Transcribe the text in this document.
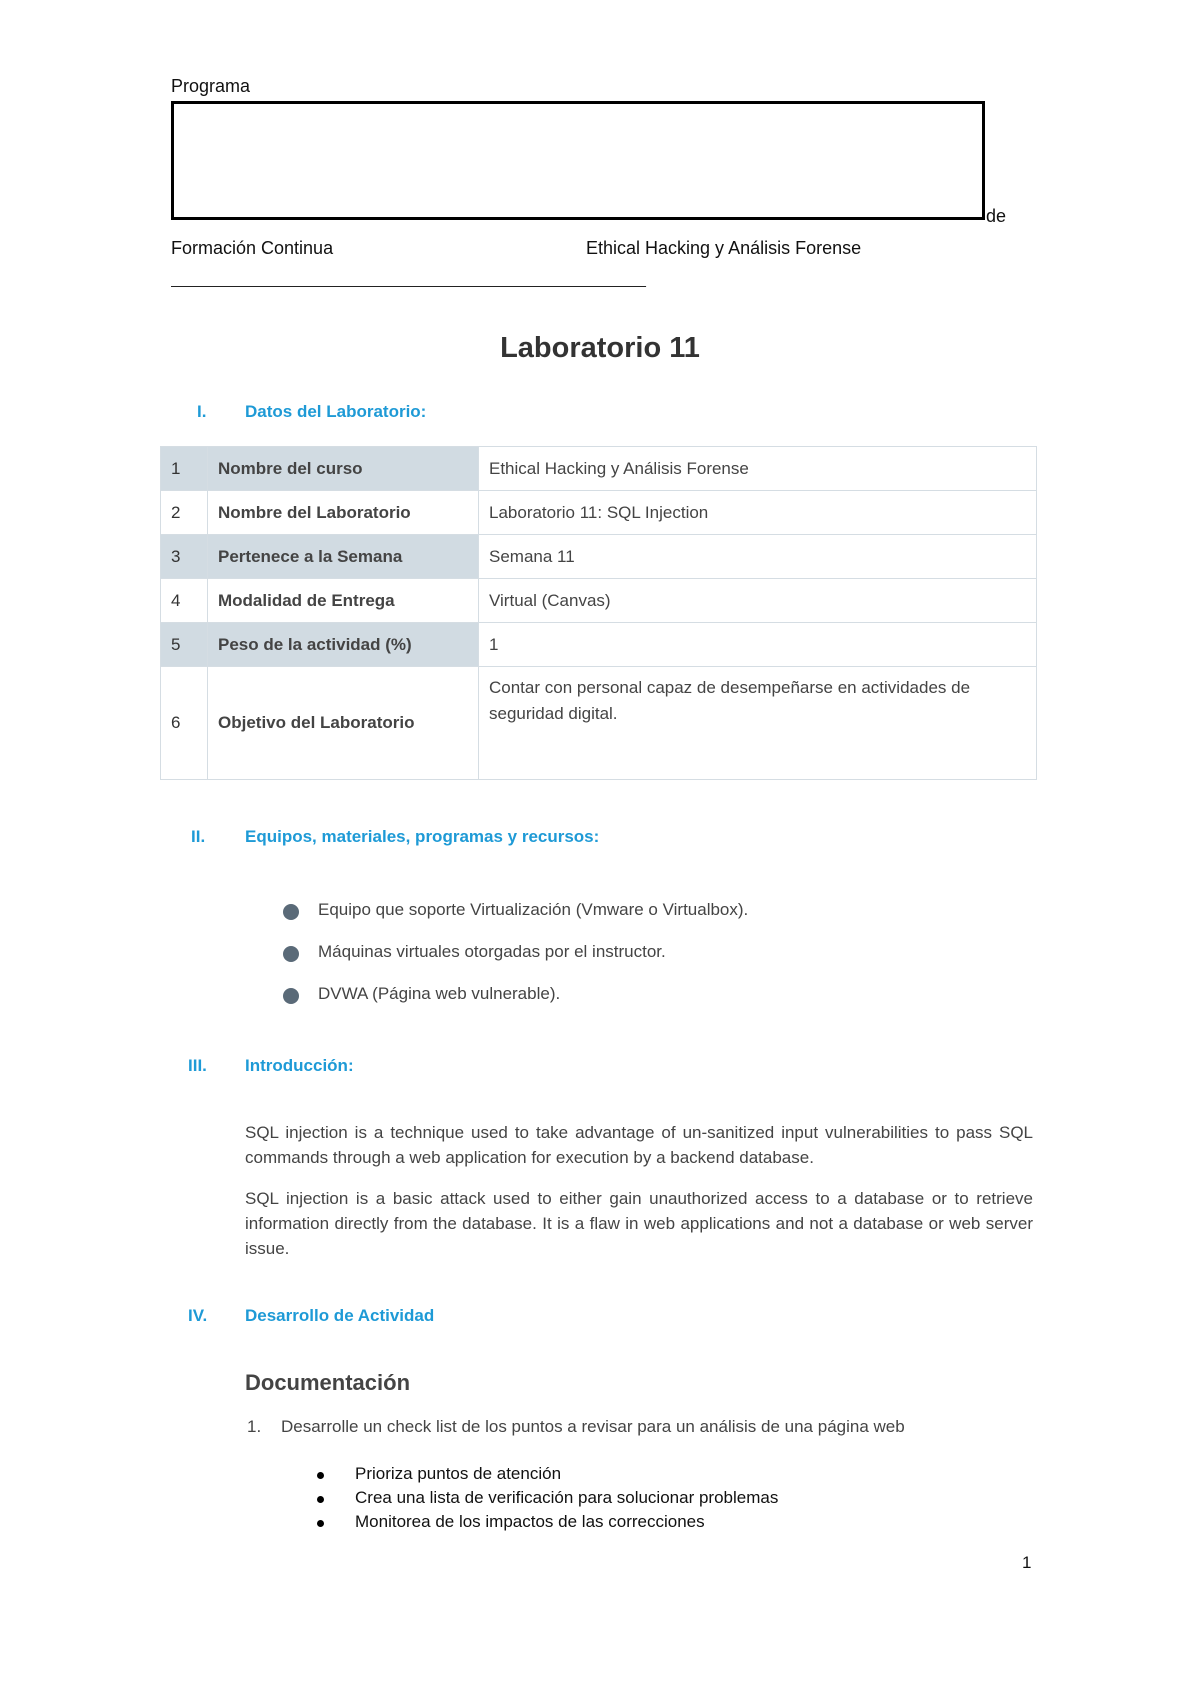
Programa
de
Formación Continua	Ethical Hacking y Análisis Forense
____________________________________________________________
Laboratorio 11
I. Datos del Laboratorio:
1	Nombre del curso	Ethical Hacking y Análisis Forense
2	Nombre del Laboratorio	Laboratorio 11: SQL Injection
3	Pertenece a la Semana	Semana 11
4	Modalidad de Entrega	Virtual (Canvas)
5	Peso de la actividad (%)	1
6	Objetivo del Laboratorio	Contar con personal capaz de desempeñarse en actividades de seguridad digital.
II. Equipos, materiales, programas y recursos:
Equipo que soporte Virtualización (Vmware o Virtualbox).
Máquinas virtuales otorgadas por el instructor.
DVWA (Página web vulnerable).
III. Introducción:
SQL injection is a technique used to take advantage of un-sanitized input vulnerabilities to pass SQL commands through a web application for execution by a backend database.
SQL injection is a basic attack used to either gain unauthorized access to a database or to retrieve information directly from the database. It is a flaw in web applications and not a database or web server issue.
IV. Desarrollo de Actividad
Documentación
1. Desarrolle un check list de los puntos a revisar para un análisis de una página web
Prioriza puntos de atención
Crea una lista de verificación para solucionar problemas
Monitorea de los impactos de las correcciones
1
